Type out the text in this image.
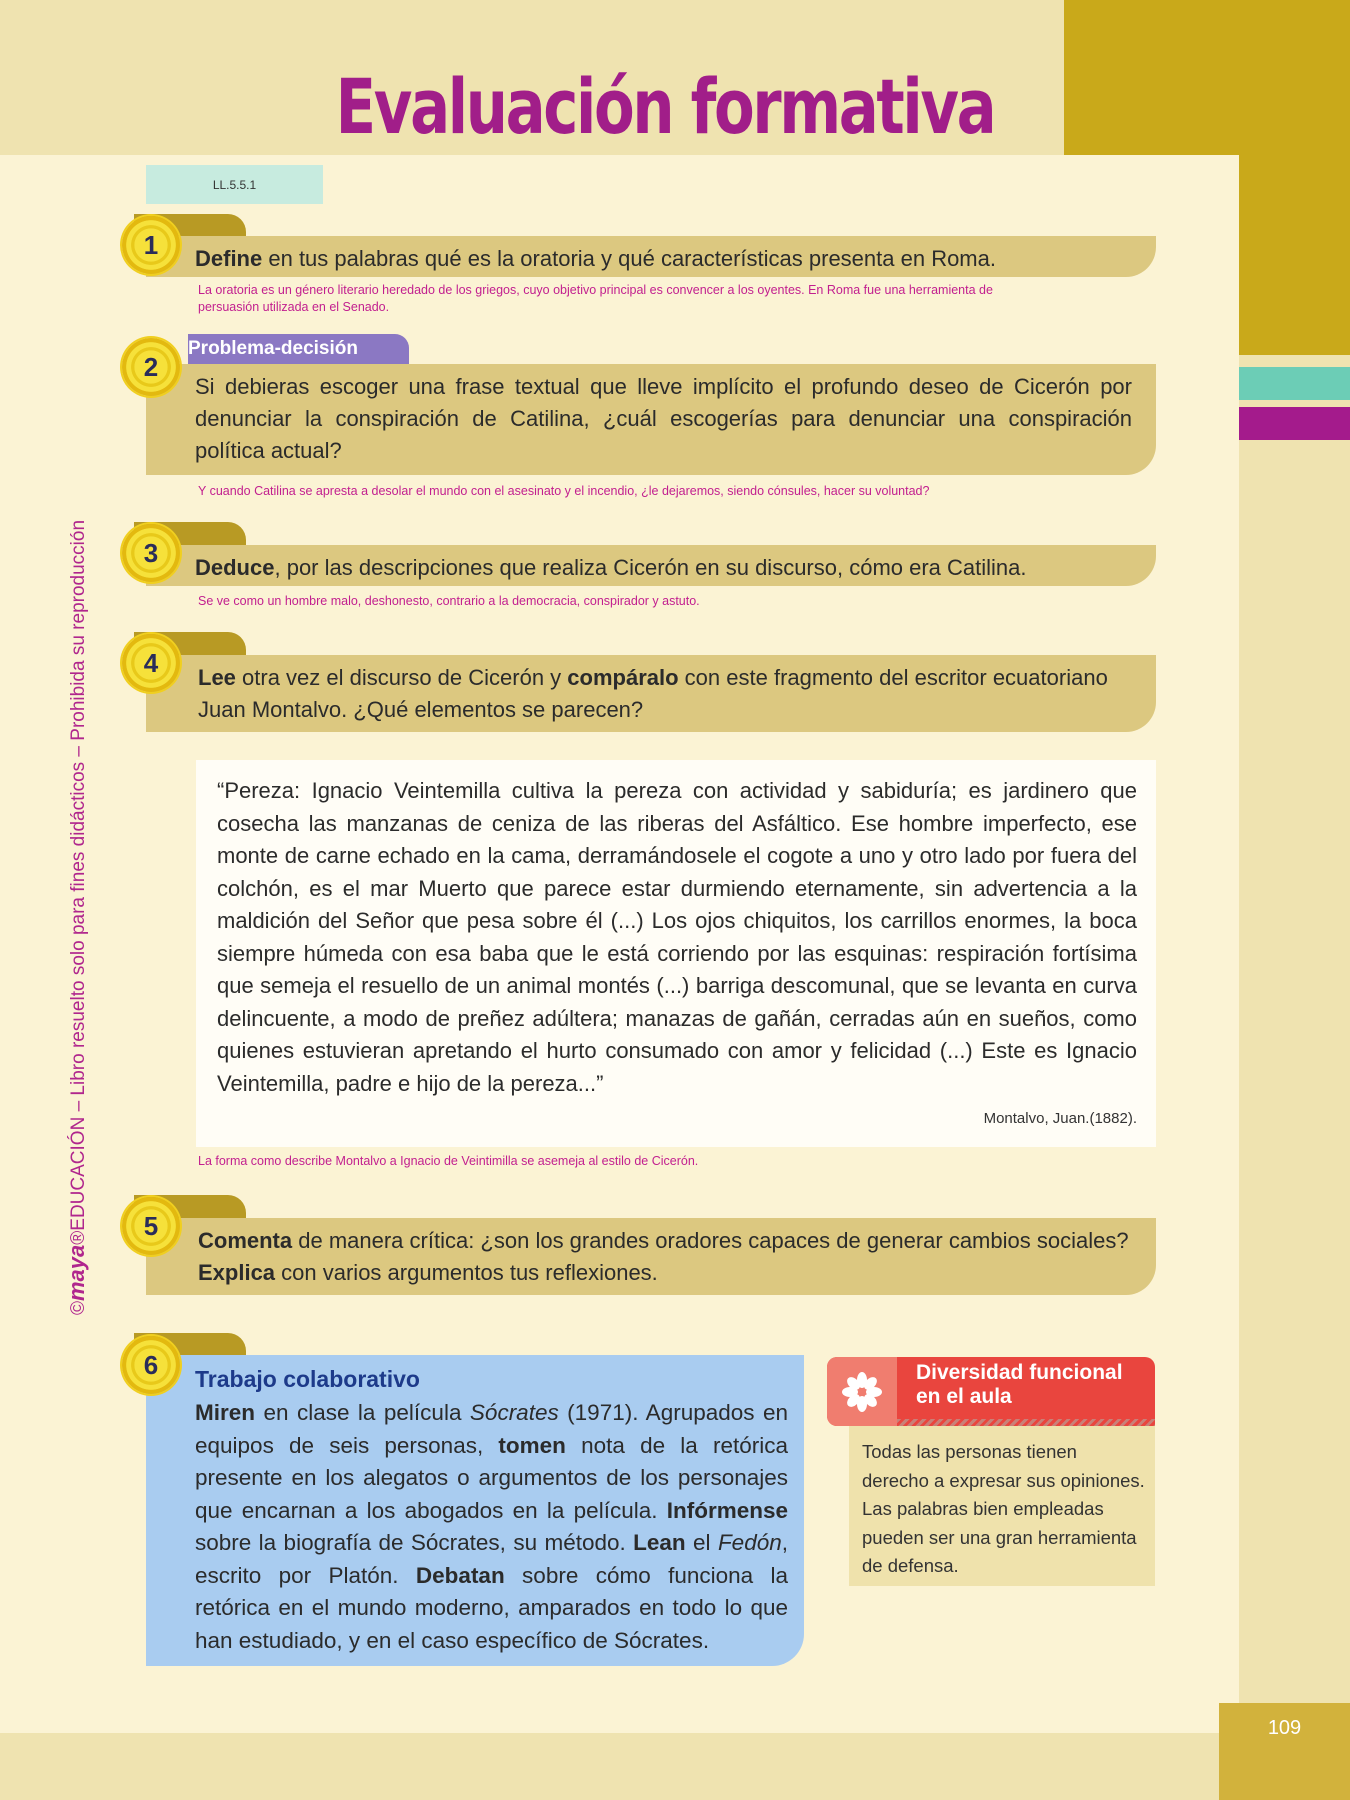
109
Evaluación formativa
LL.5.5.1
©maya®EDUCACIÓN – Libro resuelto solo para fines didácticos – Prohibida su reproducción
1	Define en tus palabras qué es la oratoria y qué características presenta en Roma.
La oratoria es un género literario heredado de los griegos, cuyo objetivo principal es convencer a los oyentes. En Roma fue una herramienta de persuasión utilizada en el Senado.
Problema-decisión
2
Si debieras escoger una frase textual que lleve implícito el profundo deseo de Cicerón por denunciar la conspiración de Catilina, ¿cuál escogerías para denunciar una conspiración política actual?
Y cuando Catilina se apresta a desolar el mundo con el asesinato y el incendio, ¿le dejaremos, siendo cónsules, hacer su voluntad?
3	Deduce, por las descripciones que realiza Cicerón en su discurso, cómo era Catilina.
Se ve como un hombre malo, deshonesto, contrario a la democracia, conspirador y astuto.
4	Lee otra vez el discurso de Cicerón y compáralo con este fragmento del escritor ecuatoriano Juan Montalvo. ¿Qué elementos se parecen?
“Pereza: Ignacio Veintemilla cultiva la pereza con actividad y sabiduría; es jardinero que cosecha las manzanas de ceniza de las riberas del Asfáltico. Ese hombre imperfecto, ese monte de carne echado en la cama, derramándosele el cogote a uno y otro lado por fuera del colchón, es el mar Muerto que parece estar durmiendo eternamente, sin advertencia a la maldición del Señor que pesa sobre él (...) Los ojos chiquitos, los carrillos enormes, la boca siempre húmeda con esa baba que le está corriendo por las esquinas: respiración fortísima que semeja el resuello de un animal montés (...) barriga descomunal, que se levanta en curva delincuente, a modo de preñez adúltera; manazas de gañán, cerradas aún en sueños, como quienes estuvieran apretando el hurto consumado con amor y felicidad (...) Este es Ignacio Veintemilla, padre e hijo de la pereza...”
Montalvo, Juan.(1882).
La forma como describe Montalvo a Ignacio de Veintimilla se asemeja al estilo de Cicerón.
5	Comenta de manera crítica: ¿son los grandes oradores capaces de generar cambios sociales?
Explica con varios argumentos tus reflexiones.
6	Trabajo colaborativo
Miren en clase la película Sócrates (1971). Agrupados en equipos de seis personas, tomen nota de la retórica presente en los alegatos o argumentos de los personajes que encarnan a los abogados en la película. Infórmense sobre la biografía de Sócrates, su método. Lean el Fedón, escrito por Platón. Debatan sobre cómo funciona la retórica en el mundo moderno, amparados en todo lo que han estudiado, y en el caso específico de Sócrates.
Diversidad funcional en el aula
Todas las personas tienen derecho a expresar sus opiniones. Las palabras bien empleadas pueden ser una gran herramienta de defensa.
